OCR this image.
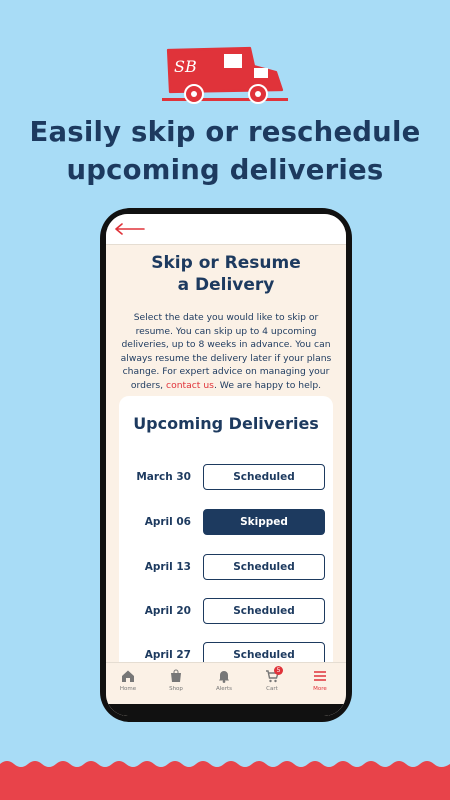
SB
Easily skip or reschedule
upcoming deliveries
Skip or Resume
a Delivery
Select the date you would like to skip or resume. You can skip up to 4 upcoming deliveries, up to 8 weeks in advance. You can always resume the delivery later if your plans change. For expert advice on managing your orders, contact us. We are happy to help.
Upcoming Deliveries
March 30	Scheduled
April 06	Skipped
April 13	Scheduled
April 20	Scheduled
April 27	Scheduled
Home	Shop	Alerts
5
Cart	More
